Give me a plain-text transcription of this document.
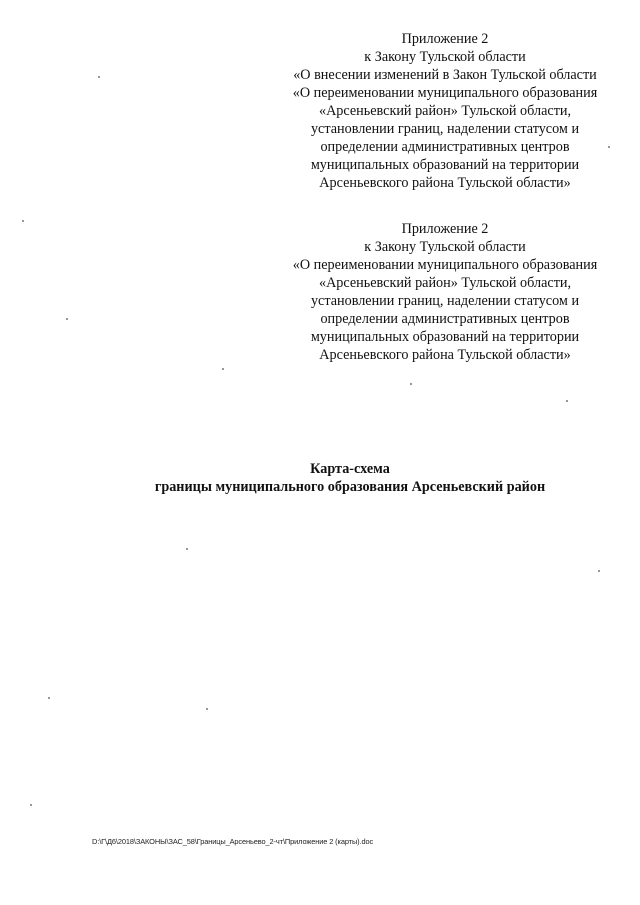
Приложение 2
к Закону Тульской области
«О внесении изменений в Закон Тульской области
«О переименовании муниципального образования
«Арсеньевский район» Тульской области,
установлении границ, наделении статусом и
определении административных центров
муниципальных образований на территории
Арсеньевского района Тульской области»
Приложение 2
к Закону Тульской области
«О переименовании муниципального образования
«Арсеньевский район» Тульской области,
установлении границ, наделении статусом и
определении административных центров
муниципальных образований на территории
Арсеньевского района Тульской области»
Карта-схема
границы муниципального образования Арсеньевский район
D:\Г\Д6\2018\ЗАКОНЫ\ЗАС_58\Границы_Арсеньево_2-чт\Приложение 2 (карты).doc
